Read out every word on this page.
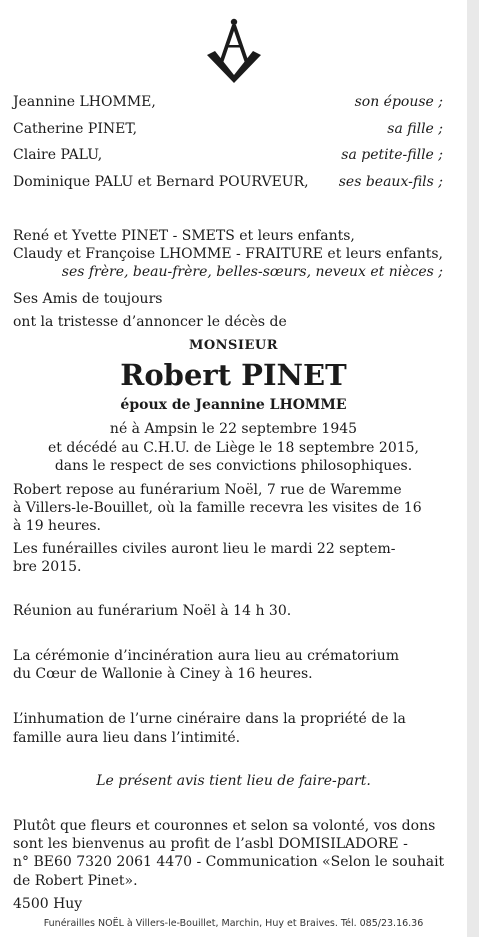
Jeannine LHOMME,	son épouse ;
Catherine PINET,	sa fille ;
Claire PALU,	sa petite-fille ;
Dominique PALU et Bernard POURVEUR, ses beaux-fils ;
René et Yvette PINET - SMETS et leurs enfants,
Claudy et Françoise LHOMME - FRAITURE et leurs enfants,
ses frère, beau-frère, belles-sœurs, neveux et nièces ;
Ses Amis de toujours
ont la tristesse d’annoncer le décès de
MONSIEUR
Robert PINET
époux de Jeannine LHOMME
né à Ampsin le 22 septembre 1945
et décédé au C.H.U. de Liège le 18 septembre 2015,
dans le respect de ses convictions philosophiques.
Robert repose au funérarium Noël, 7 rue de Waremme
à Villers-le-Bouillet, où la famille recevra les visites de 16
à 19 heures.
Les funérailles civiles auront lieu le mardi 22 septem-
bre 2015.
Réunion au funérarium Noël à 14 h 30.
La cérémonie d’incinération aura lieu au crématorium
du Cœur de Wallonie à Ciney à 16 heures.
L’inhumation de l’urne cinéraire dans la propriété de la
famille aura lieu dans l’intimité.
Le présent avis tient lieu de faire-part.
Plutôt que fleurs et couronnes et selon sa volonté, vos dons
sont les bienvenus au profit de l’asbl DOMISILADORE -
n° BE60 7320 2061 4470 - Communication «Selon le souhait
de Robert Pinet».
4500 Huy
Funérailles NOËL à Villers-le-Bouillet, Marchin, Huy et Braives. Tél. 085/23.16.36
